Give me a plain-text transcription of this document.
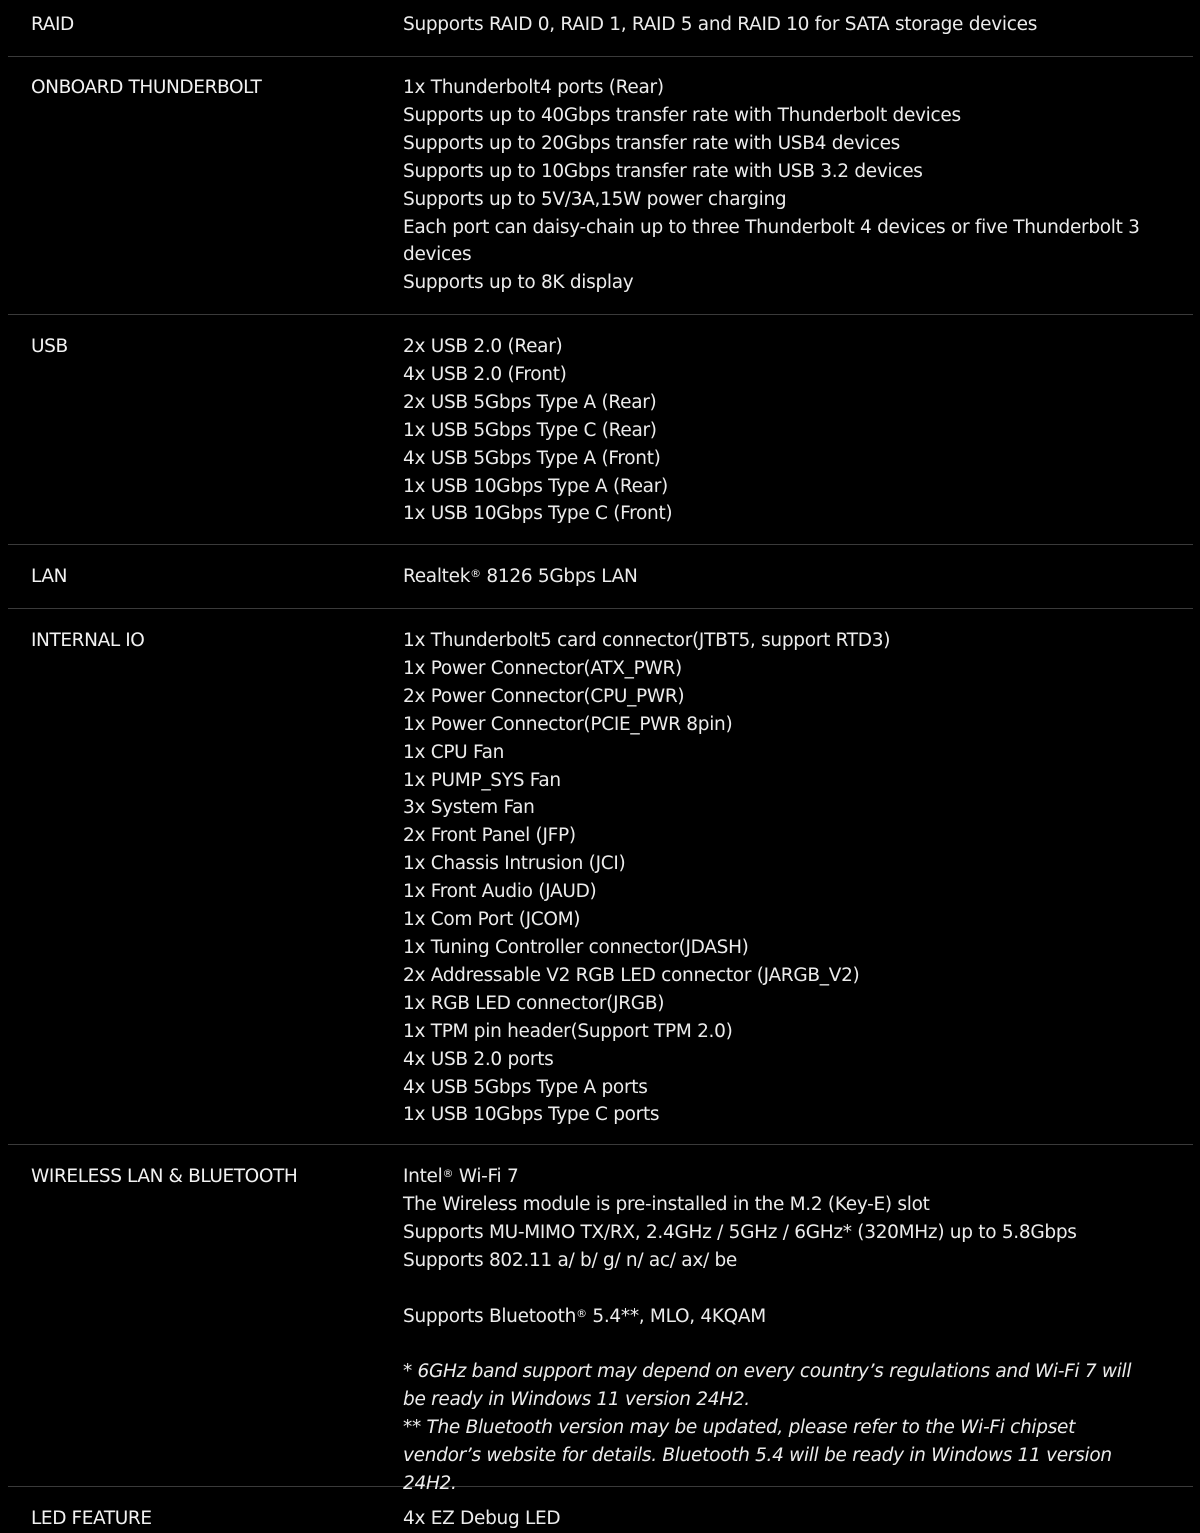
RAID	Supports RAID 0, RAID 1, RAID 5 and RAID 10 for SATA storage devices
ONBOARD THUNDERBOLT	1x Thunderbolt4 ports (Rear)
Supports up to 40Gbps transfer rate with Thunderbolt devices
Supports up to 20Gbps transfer rate with USB4 devices
Supports up to 10Gbps transfer rate with USB 3.2 devices
Supports up to 5V/3A,15W power charging
Each port can daisy-chain up to three Thunderbolt 4 devices or five Thunderbolt 3 devices
Supports up to 8K display
USB	2x USB 2.0 (Rear)
4x USB 2.0 (Front)
2x USB 5Gbps Type A (Rear)
1x USB 5Gbps Type C (Rear)
4x USB 5Gbps Type A (Front)
1x USB 10Gbps Type A (Rear)
1x USB 10Gbps Type C (Front)
LAN	Realtek® 8126 5Gbps LAN
INTERNAL IO	1x Thunderbolt5 card connector(JTBT5, support RTD3)
1x Power Connector(ATX_PWR)
2x Power Connector(CPU_PWR)
1x Power Connector(PCIE_PWR 8pin)
1x CPU Fan
1x PUMP_SYS Fan
3x System Fan
2x Front Panel (JFP)
1x Chassis Intrusion (JCI)
1x Front Audio (JAUD)
1x Com Port (JCOM)
1x Tuning Controller connector(JDASH)
2x Addressable V2 RGB LED connector (JARGB_V2)
1x RGB LED connector(JRGB)
1x TPM pin header(Support TPM 2.0)
4x USB 2.0 ports
4x USB 5Gbps Type A ports
1x USB 10Gbps Type C ports
WIRELESS LAN & BLUETOOTH	Intel® Wi-Fi 7
The Wireless module is pre-installed in the M.2 (Key-E) slot
Supports MU-MIMO TX/RX, 2.4GHz / 5GHz / 6GHz* (320MHz) up to 5.8Gbps
Supports 802.11 a/ b/ g/ n/ ac/ ax/ be
Supports Bluetooth® 5.4**, MLO, 4KQAM
* 6GHz band support may depend on every country’s regulations and Wi-Fi 7 will be ready in Windows 11 version 24H2.
** The Bluetooth version may be updated, please refer to the Wi-Fi chipset vendor’s website for details. Bluetooth 5.4 will be ready in Windows 11 version 24H2.
LED FEATURE	4x EZ Debug LED
